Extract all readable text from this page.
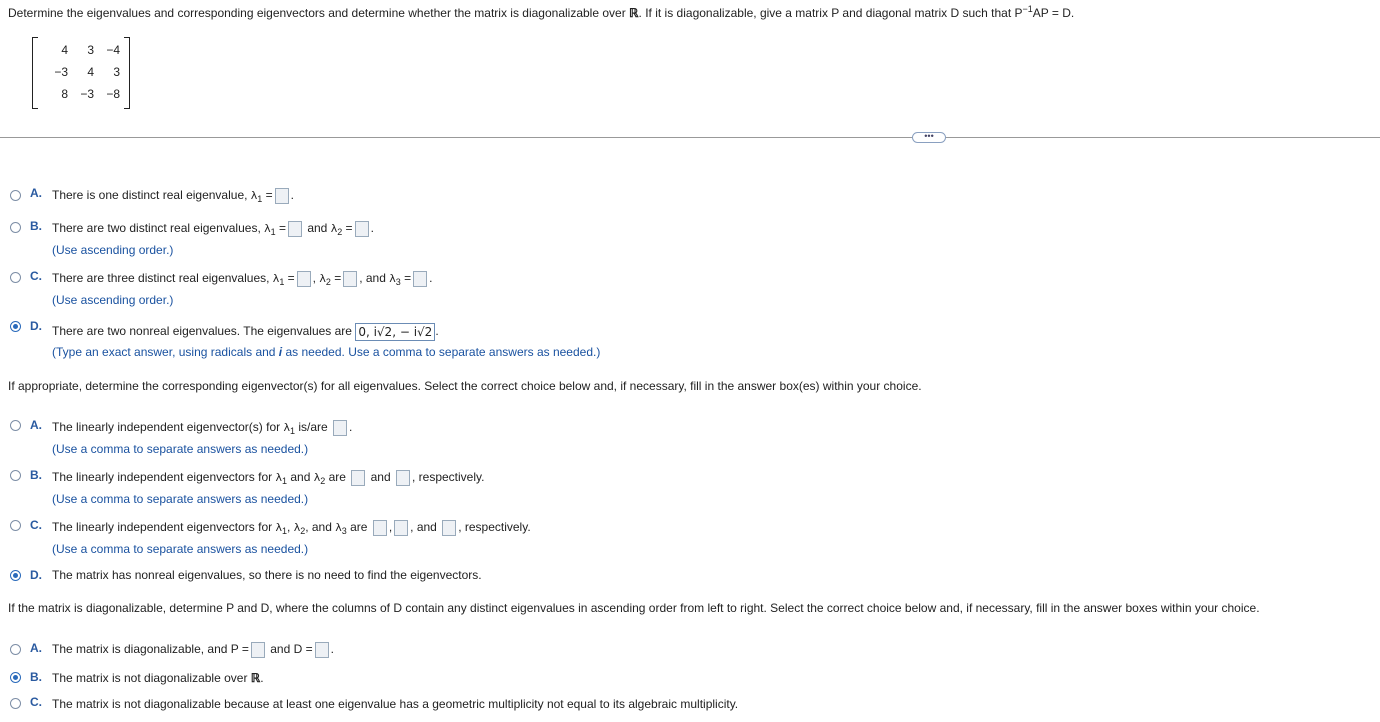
Determine the eigenvalues and corresponding eigenvectors and determine whether the matrix is diagonalizable over ℝ. If it is diagonalizable, give a matrix P and diagonal matrix D such that $P^{-1}AP = D$.
4	3	−4
−3	4	3
8	−3	−8
•••
A. There is one distinct real eigenvalue, $\lambda_1$ = .
B. There are two distinct real eigenvalues, $\lambda_1$ = and $\lambda_2$ = .
(Use ascending order.)
C. There are three distinct real eigenvalues, $\lambda_1$ = , $\lambda_2$ = , and $\lambda_3$ = .
(Use ascending order.)
D. There are two nonreal eigenvalues. The eigenvalues are 0, i√2, − i√2 .
(Type an exact answer, using radicals and i as needed. Use a comma to separate answers as needed.)
If appropriate, determine the corresponding eigenvector(s) for all eigenvalues. Select the correct choice below and, if necessary, fill in the answer box(es) within your choice.
A. The linearly independent eigenvector(s) for $\lambda_1$ is/are .
(Use a comma to separate answers as needed.)
B. The linearly independent eigenvectors for $\lambda_1$ and $\lambda_2$ are  and , respectively.
(Use a comma to separate answers as needed.)
C. The linearly independent eigenvectors for $\lambda_1$, $\lambda_2$, and $\lambda_3$ are , , and , respectively.
(Use a comma to separate answers as needed.)
D. The matrix has nonreal eigenvalues, so there is no need to find the eigenvectors.
If the matrix is diagonalizable, determine P and D, where the columns of D contain any distinct eigenvalues in ascending order from left to right. Select the correct choice below and, if necessary, fill in the answer boxes within your choice.
A. The matrix is diagonalizable, and P = and D = .
B. The matrix is not diagonalizable over ℝ.
C. The matrix is not diagonalizable because at least one eigenvalue has a geometric multiplicity not equal to its algebraic multiplicity.
